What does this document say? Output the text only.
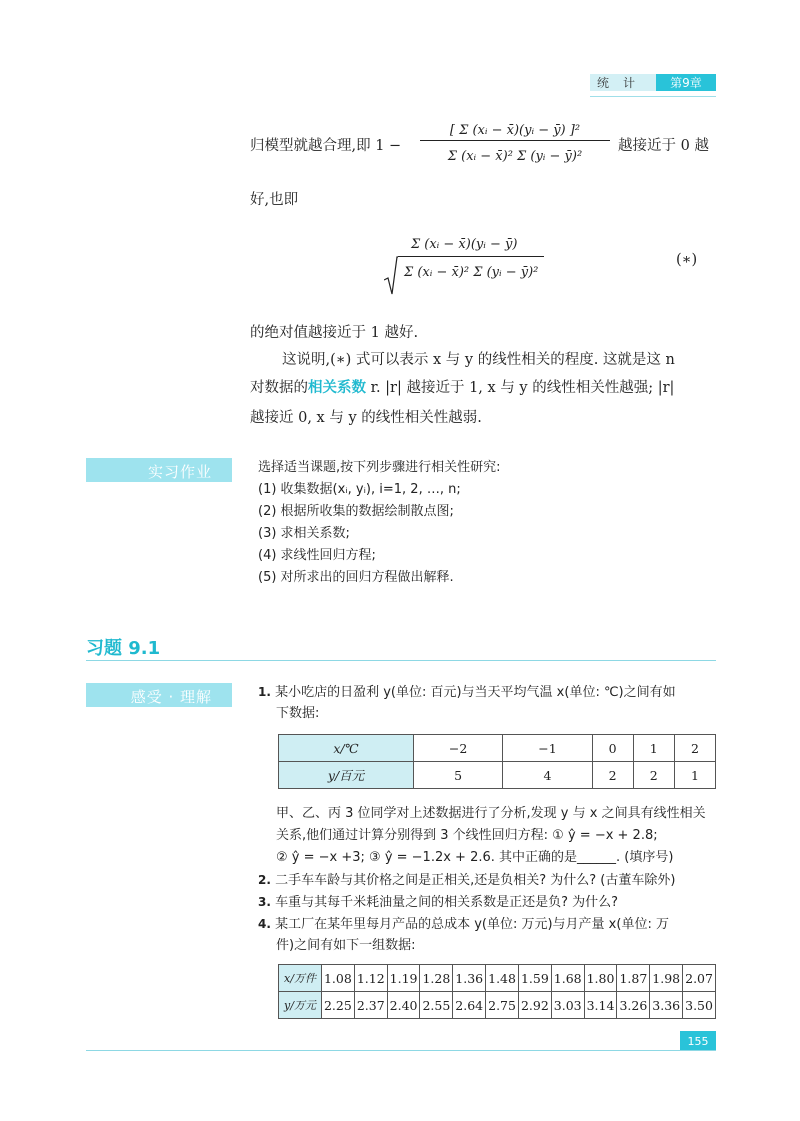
统计	第9章
归模型就越合理,即 1 −
[ Σ (xᵢ − x̄)(yᵢ − ȳ) ]²
Σ (xᵢ − x̄)² Σ (yᵢ − ȳ)²
越接近于 0 越
好,也即
Σ (xᵢ − x̄)(yᵢ − ȳ)
Σ (xᵢ − x̄)² Σ (yᵢ − ȳ)²
(∗)
的绝对值越接近于 1 越好.
这说明,(∗) 式可以表示 x 与 y 的线性相关的程度. 这就是这 n
对数据的相关系数 r. |r| 越接近于 1, x 与 y 的线性相关性越强; |r|
越接近 0, x 与 y 的线性相关性越弱.
实习作业	选择适当课题,按下列步骤进行相关性研究:
(1) 收集数据(xᵢ, yᵢ), i=1, 2, …, n;
(2) 根据所收集的数据绘制散点图;
(3) 求相关系数;
(4) 求线性回归方程;
(5) 对所求出的回归方程做出解释.
习题 9.1
感受 · 理解	1. 某小吃店的日盈利 y(单位: 百元)与当天平均气温 x(单位: ℃)之间有如
下数据:
x/℃	−2	−1	0	1	2
y/百元	5	4	2	2	1
甲、乙、丙 3 位同学对上述数据进行了分析,发现 y 与 x 之间具有线性相关
关系,他们通过计算分别得到 3 个线性回归方程: ① ŷ = −x + 2.8;
② ŷ = −x +3; ③ ŷ = −1.2x + 2.6. 其中正确的是______. (填序号)
2. 二手车车龄与其价格之间是正相关,还是负相关? 为什么? (古董车除外)
3. 车重与其每千米耗油量之间的相关系数是正还是负? 为什么?
4. 某工厂在某年里每月产品的总成本 y(单位: 万元)与月产量 x(单位: 万
件)之间有如下一组数据:
x/万件	1.08	1.12	1.19	1.28	1.36	1.48	1.59	1.68	1.80	1.87	1.98	2.07
y/万元	2.25	2.37	2.40	2.55	2.64	2.75	2.92	3.03	3.14	3.26	3.36	3.50
155
